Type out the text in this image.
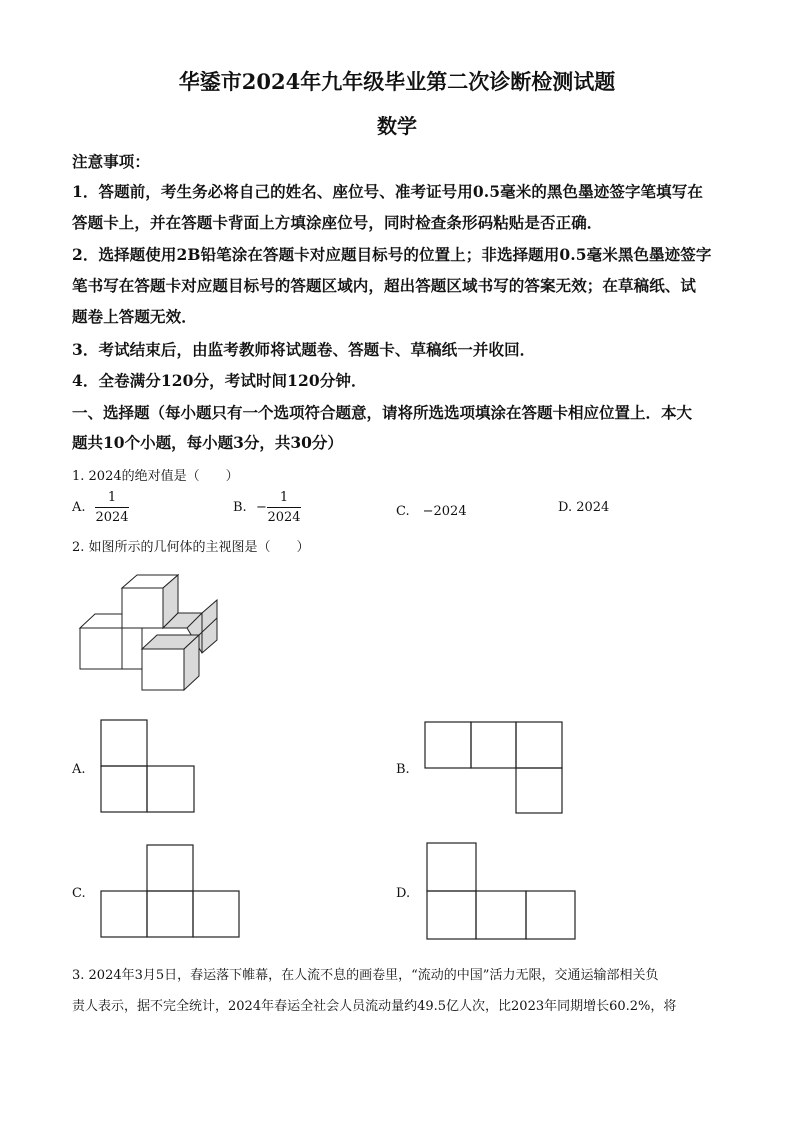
华鋈市2024年九年级毕业第二次诊断检测试题
数学
注意事项：
1．答题前，考生务必将自己的姓名、座位号、准考证号用0.5毫米的黑色墨迹签字笔填写在
答题卡上，并在答题卡背面上方填涂座位号，同时检查条形码粘贴是否正确．
2．选择题使用2B铅笔涂在答题卡对应题目标号的位置上；非选择题用0.5毫米黑色墨迹签字
笔书写在答题卡对应题目标号的答题区域内，超出答题区域书写的答案无效；在草稿纸、试
题卷上答题无效．
3．考试结束后，由监考教师将试题卷、答题卡、草稿纸一并收回．
4．全卷满分120分，考试时间120分钟．
一、选择题（每小题只有一个选项符合题意，请将所选选项填涂在答题卡相应位置上．本大
题共10个小题，每小题3分，共30分）
1. 2024的绝对值是（　　）
A.
1
2024
B. −
1
2024	C.　−2024	D. 2024
2. 如图所示的几何体的主视图是（　　）
A.	B.
C.	D.
3. 2024年3月5日，春运落下帷幕，在人流不息的画卷里，“流动的中国”活力无限，交通运输部相关负
责人表示，据不完全统计，2024年春运全社会人员流动量约49.5亿人次，比2023年同期增长60.2%，将
